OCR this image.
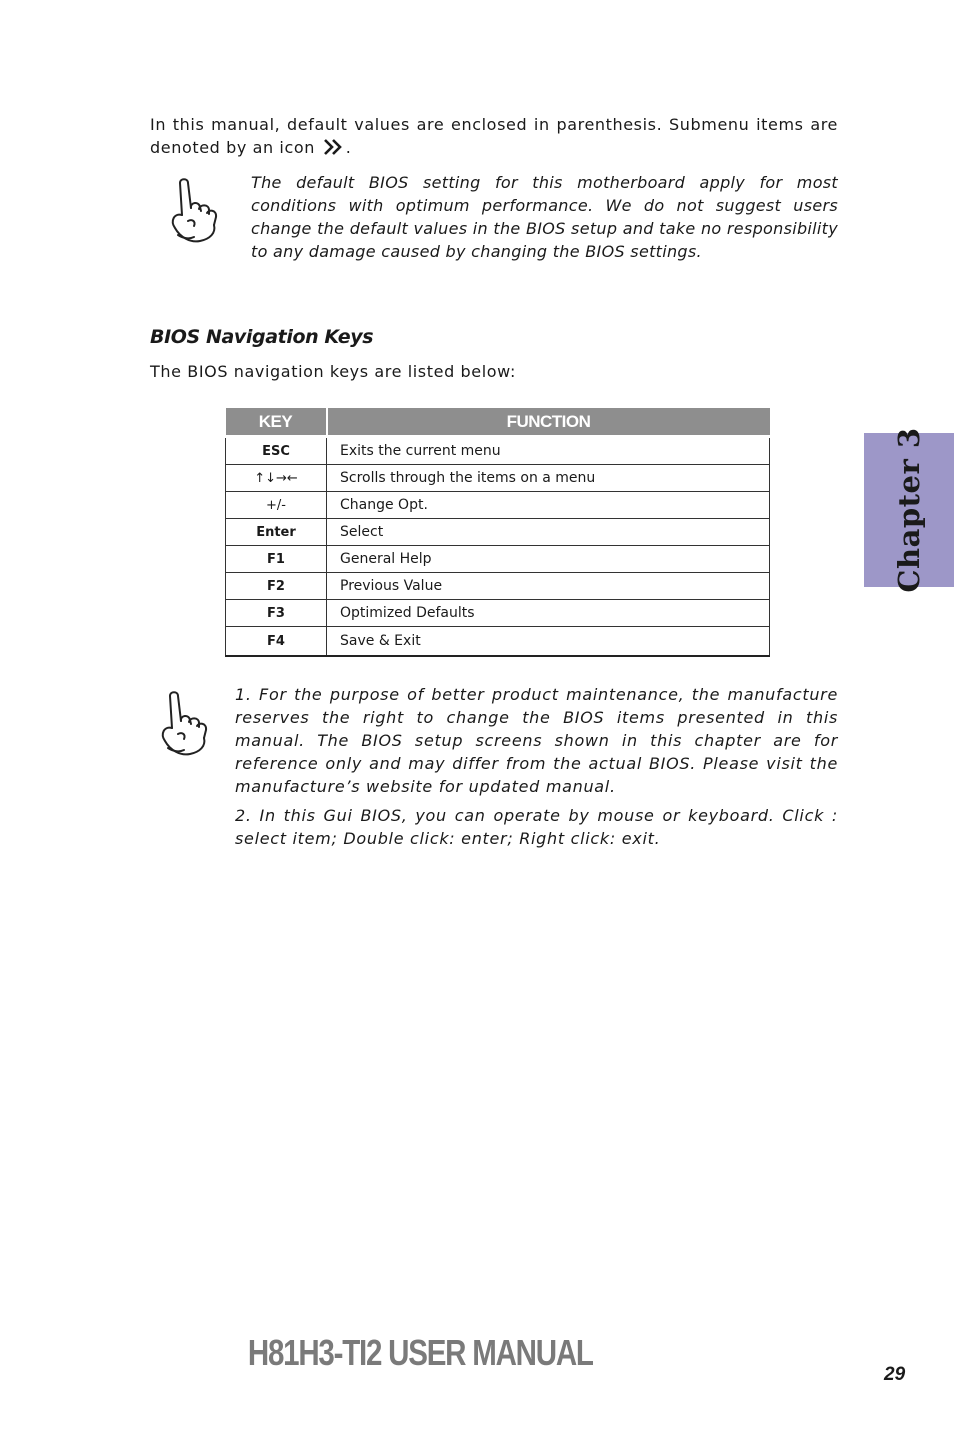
In this manual, default values are enclosed in parenthesis. Submenu items are denoted by an icon .
The default BIOS setting for this motherboard apply for most conditions with optimum performance. We do not suggest users change the default values in the BIOS setup and take no responsibility to any damage caused by changing the BIOS settings.
BIOS Navigation Keys
The BIOS navigation keys are listed below:
KEY	FUNCTION
ESC	Exits the current menu
↑↓→←	Scrolls through the items on a menu
+/-	Change Opt.
Enter	Select
F1	General Help
F2	Previous Value
F3	Optimized Defaults
F4	Save & Exit

1. For the purpose of better product maintenance, the manufacture reserves the right to change the BIOS items presented in this manual. The BIOS setup screens shown in this chapter are for reference only and may differ from the actual BIOS. Please visit the manufacture’s website for updated manual.

2. In this Gui BIOS, you can operate by mouse or keyboard. Click : select item; Double click: enter; Right click: exit.

Chapter 3
H81H3-TI2 USER MANUAL
29
